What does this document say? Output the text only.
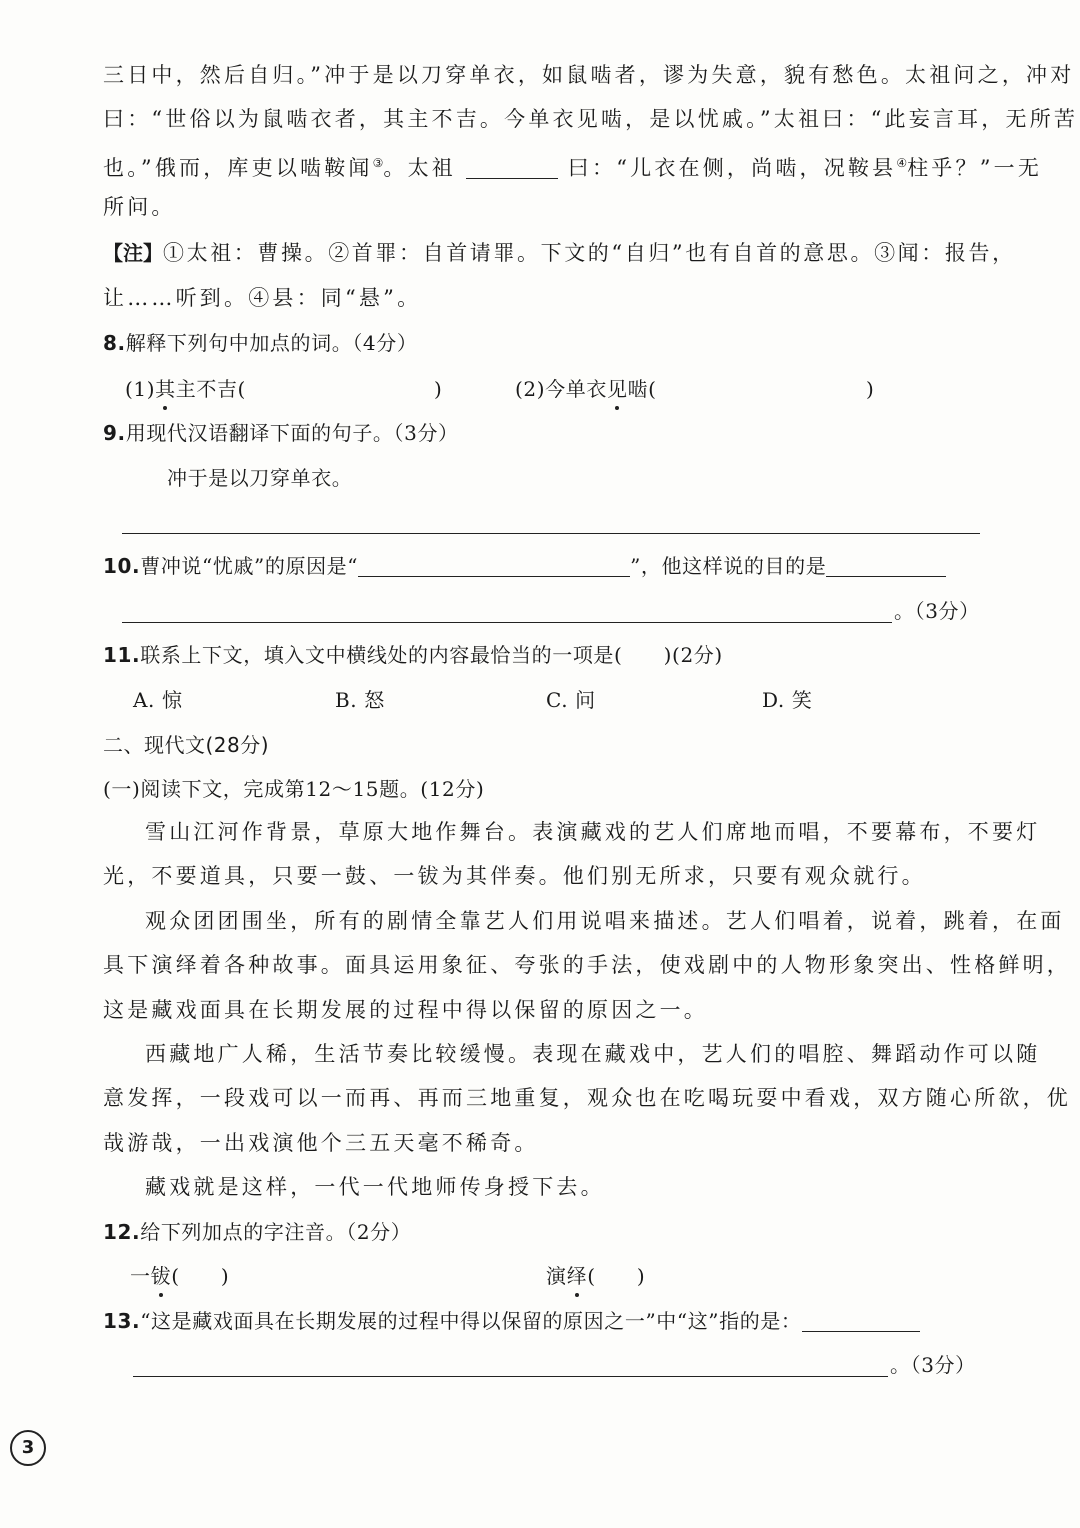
三日中，然后自归。”冲于是以刀穿单衣，如鼠啮者，谬为失意，貌有愁色。太祖问之，冲对
曰：“世俗以为鼠啮衣者，其主不吉。今单衣见啮，是以忧戚。”太祖曰：“此妄言耳，无所苦
也。”俄而，库吏以啮鞍闻③。太祖	曰：“儿衣在侧，尚啮，况鞍县④柱乎？”一无
所问。
【注】①太祖：曹操。②首罪：自首请罪。下文的“自归”也有自首的意思。③闻：报告，
让……听到。④县：同“悬”。
8.解释下列句中加点的词。（4分）
(1)其主不吉(	)	(2)今单衣见啮(	)
9.用现代汉语翻译下面的句子。（3分）
冲于是以刀穿单衣。
10.曹冲说“忧戚”的原因是“	”，他这样说的目的是
。（3分）
11.联系上下文，填入文中横线处的内容最恰当的一项是(　　)(2分)
A. 惊	B. 怒	C. 问	D. 笑
二、现代文(28分)
(一)阅读下文，完成第12～15题。(12分)
雪山江河作背景，草原大地作舞台。表演藏戏的艺人们席地而唱，不要幕布，不要灯
光，不要道具，只要一鼓、一钹为其伴奏。他们别无所求，只要有观众就行。
观众团团围坐，所有的剧情全靠艺人们用说唱来描述。艺人们唱着，说着，跳着，在面
具下演绎着各种故事。面具运用象征、夸张的手法，使戏剧中的人物形象突出、性格鲜明，
这是藏戏面具在长期发展的过程中得以保留的原因之一。
西藏地广人稀，生活节奏比较缓慢。表现在藏戏中，艺人们的唱腔、舞蹈动作可以随
意发挥，一段戏可以一而再、再而三地重复，观众也在吃喝玩耍中看戏，双方随心所欲，优
哉游哉，一出戏演他个三五天毫不稀奇。
藏戏就是这样，一代一代地师传身授下去。
12.给下列加点的字注音。（2分）
一钹(　　)	演绎(　　)
13.“这是藏戏面具在长期发展的过程中得以保留的原因之一”中“这”指的是：
。（3分）
3
